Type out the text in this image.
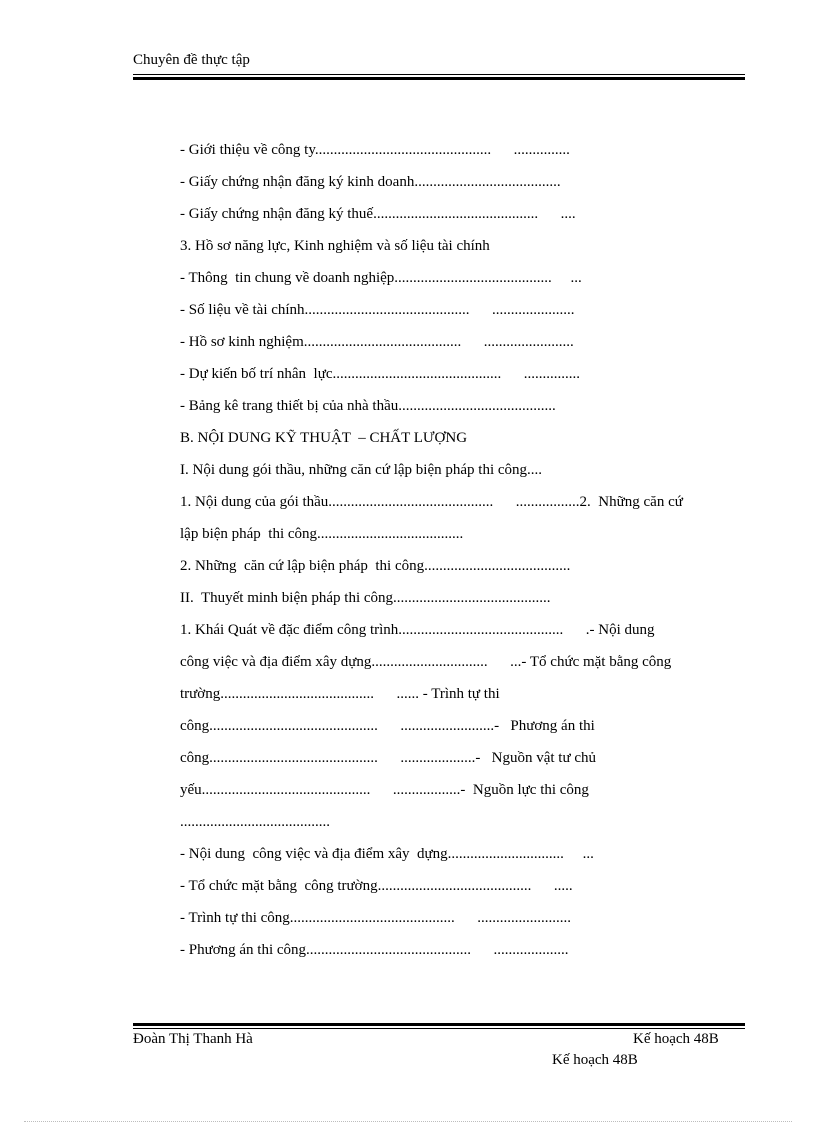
Chuyên đề thực tập
- Giới thiệu về công ty...............................................      ...............
- Giấy chứng nhận đăng ký kinh doanh.......................................
- Giấy chứng nhận đăng ký thuế............................................      ....
3. Hồ sơ năng lực, Kinh nghiệm và số liệu tài chính
- Thông  tin chung về doanh nghiệp..........................................     ...
- Số liệu về tài chính............................................      ......................
- Hồ sơ kinh nghiệm..........................................      ........................
- Dự kiến bố trí nhân  lực.............................................      ...............
- Bảng kê trang thiết bị của nhà thầu..........................................
B. NỘI DUNG KỸ THUẬT  – CHẤT LƯỢNG
I. Nội dung gói thầu, những căn cứ lập biện pháp thi công....
1. Nội dung của gói thầu............................................      .................2.  Những căn cứ
lập biện pháp  thi công.......................................
2. Những  căn cứ lập biện pháp  thi công.......................................
II.  Thuyết minh biện pháp thi công..........................................
1. Khái Quát về đặc điểm công trình............................................      .- Nội dung
công việc và địa điểm xây dựng...............................      ...- Tổ chức mặt bằng công
trường.........................................      ...... - Trình tự thi
công.............................................      .........................-   Phương án thi
công.............................................      ....................-   Nguồn vật tư chủ
yếu.............................................      ..................-  Nguồn lực thi công
........................................
- Nội dung  công việc và địa điểm xây  dựng...............................     ...
- Tổ chức mặt bằng  công trường.........................................      .....
- Trình tự thi công............................................      .........................
- Phương án thi công............................................      ....................
Đoàn Thị Thanh Hà	Kế hoạch 48B
Kế hoạch 48B
